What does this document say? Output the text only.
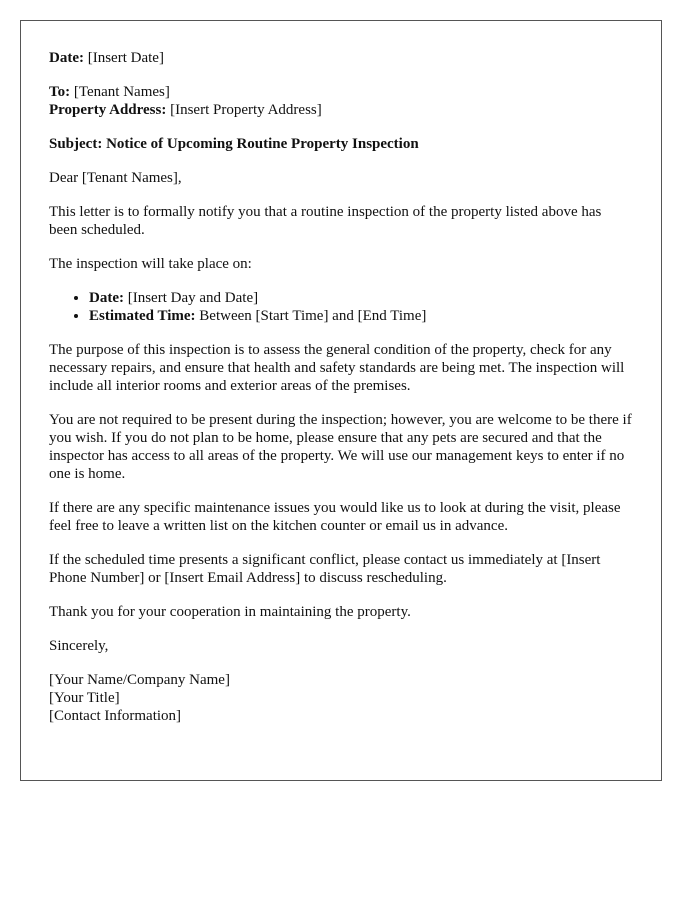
Date: [Insert Date]

To: [Tenant Names]

Property Address: [Insert Property Address]

Subject: Notice of Upcoming Routine Property Inspection

Dear [Tenant Names],

This letter is to formally notify you that a routine inspection of the property listed above has been scheduled.

The inspection will take place on:

• Date: [Insert Day and Date]
• Estimated Time: Between [Start Time] and [End Time]

The purpose of this inspection is to assess the general condition of the property, check for any necessary repairs, and ensure that health and safety standards are being met. The inspection will include all interior rooms and exterior areas of the premises.

You are not required to be present during the inspection; however, you are welcome to be there if you wish. If you do not plan to be home, please ensure that any pets are secured and that the inspector has access to all areas of the property. We will use our management keys to enter if no one is home.

If there are any specific maintenance issues you would like us to look at during the visit, please feel free to leave a written list on the kitchen counter or email us in advance.

If the scheduled time presents a significant conflict, please contact us immediately at [Insert Phone Number] or [Insert Email Address] to discuss rescheduling.

Thank you for your cooperation in maintaining the property.

Sincerely,

[Your Name/Company Name]

[Your Title]

[Contact Information]
